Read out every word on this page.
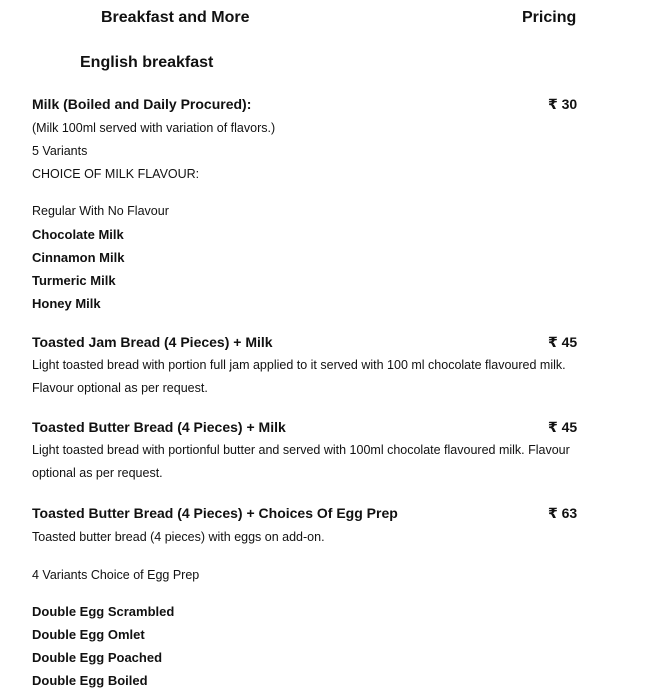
Breakfast and More	Pricing
English breakfast
Milk (Boiled and Daily Procured):	₹ 30
(Milk 100ml served with variation of flavors.)
5 Variants
CHOICE OF MILK FLAVOUR:
Regular With No Flavour
Chocolate Milk
Cinnamon Milk
Turmeric Milk
Honey Milk
Toasted Jam Bread (4 Pieces) + Milk	₹ 45
Light toasted bread with portion full jam applied to it served with 100 ml chocolate flavoured milk.
Flavour optional as per request.
Toasted Butter Bread (4 Pieces) + Milk	₹ 45
Light toasted bread with portionful butter and served with 100ml chocolate flavoured milk. Flavour
optional as per request.
Toasted Butter Bread (4 Pieces) + Choices Of Egg Prep	₹ 63
Toasted butter bread (4 pieces) with eggs on add-on.
4 Variants Choice of Egg Prep
Double Egg Scrambled
Double Egg Omlet
Double Egg Poached
Double Egg Boiled
